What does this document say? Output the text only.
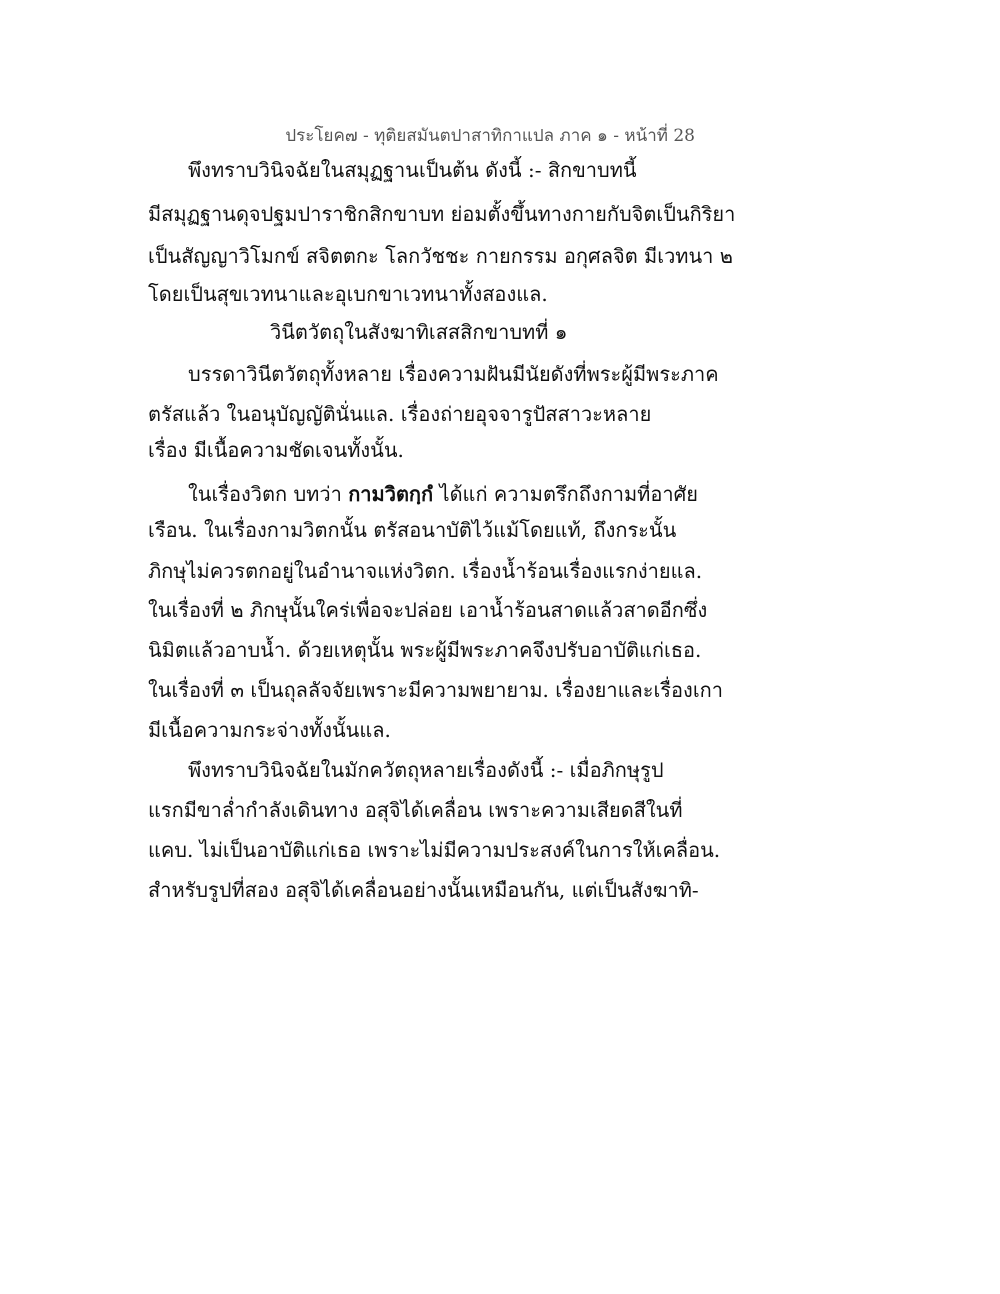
ประโยค๗ - ทุติยสมันตปาสาทิกาแปล ภาค ๑ - หน้าที่ 28
พึงทราบวินิจฉัยในสมุฏฐานเป็นต้น ดังนี้ :- สิกขาบทนี้
มีสมุฏฐานดุจปฐมปาราชิกสิกขาบท ย่อมตั้งขึ้นทางกายกับจิตเป็นกิริยา
เป็นสัญญาวิโมกข์ สจิตตกะ โลกวัชชะ กายกรรม อกุศลจิต มีเวทนา ๒
โดยเป็นสุขเวทนาและอุเบกขาเวทนาทั้งสองแล.
วินีตวัตถุในสังฆาทิเสสสิกขาบทที่ ๑
บรรดาวินีตวัตถุทั้งหลาย เรื่องความฝันมีนัยดังที่พระผู้มีพระภาค
ตรัสแล้ว ในอนุบัญญัตินั่นแล. เรื่องถ่ายอุจจารูปัสสาวะหลาย
เรื่อง มีเนื้อความชัดเจนทั้งนั้น.
ในเรื่องวิตก บทว่า กามวิตกฺกํ ได้แก่ ความตรึกถึงกามที่อาศัย
เรือน. ในเรื่องกามวิตกนั้น ตรัสอนาบัติไว้แม้โดยแท้, ถึงกระนั้น
ภิกษุไม่ควรตกอยู่ในอำนาจแห่งวิตก. เรื่องน้ำร้อนเรื่องแรกง่ายแล.
ในเรื่องที่ ๒ ภิกษุนั้นใคร่เพื่อจะปล่อย เอาน้ำร้อนสาดแล้วสาดอีกซึ่ง
นิมิตแล้วอาบน้ำ. ด้วยเหตุนั้น พระผู้มีพระภาคจึงปรับอาบัติแก่เธอ.
ในเรื่องที่ ๓ เป็นถุลลัจจัยเพราะมีความพยายาม. เรื่องยาและเรื่องเกา
มีเนื้อความกระจ่างทั้งนั้นแล.
พึงทราบวินิจฉัยในมักควัตถุหลายเรื่องดังนี้ :- เมื่อภิกษุรูป
แรกมีขาล่ำกำลังเดินทาง อสุจิได้เคลื่อน เพราะความเสียดสีในที่
แคบ. ไม่เป็นอาบัติแก่เธอ เพราะไม่มีความประสงค์ในการให้เคลื่อน.
สำหรับรูปที่สอง อสุจิได้เคลื่อนอย่างนั้นเหมือนกัน, แต่เป็นสังฆาทิ-
